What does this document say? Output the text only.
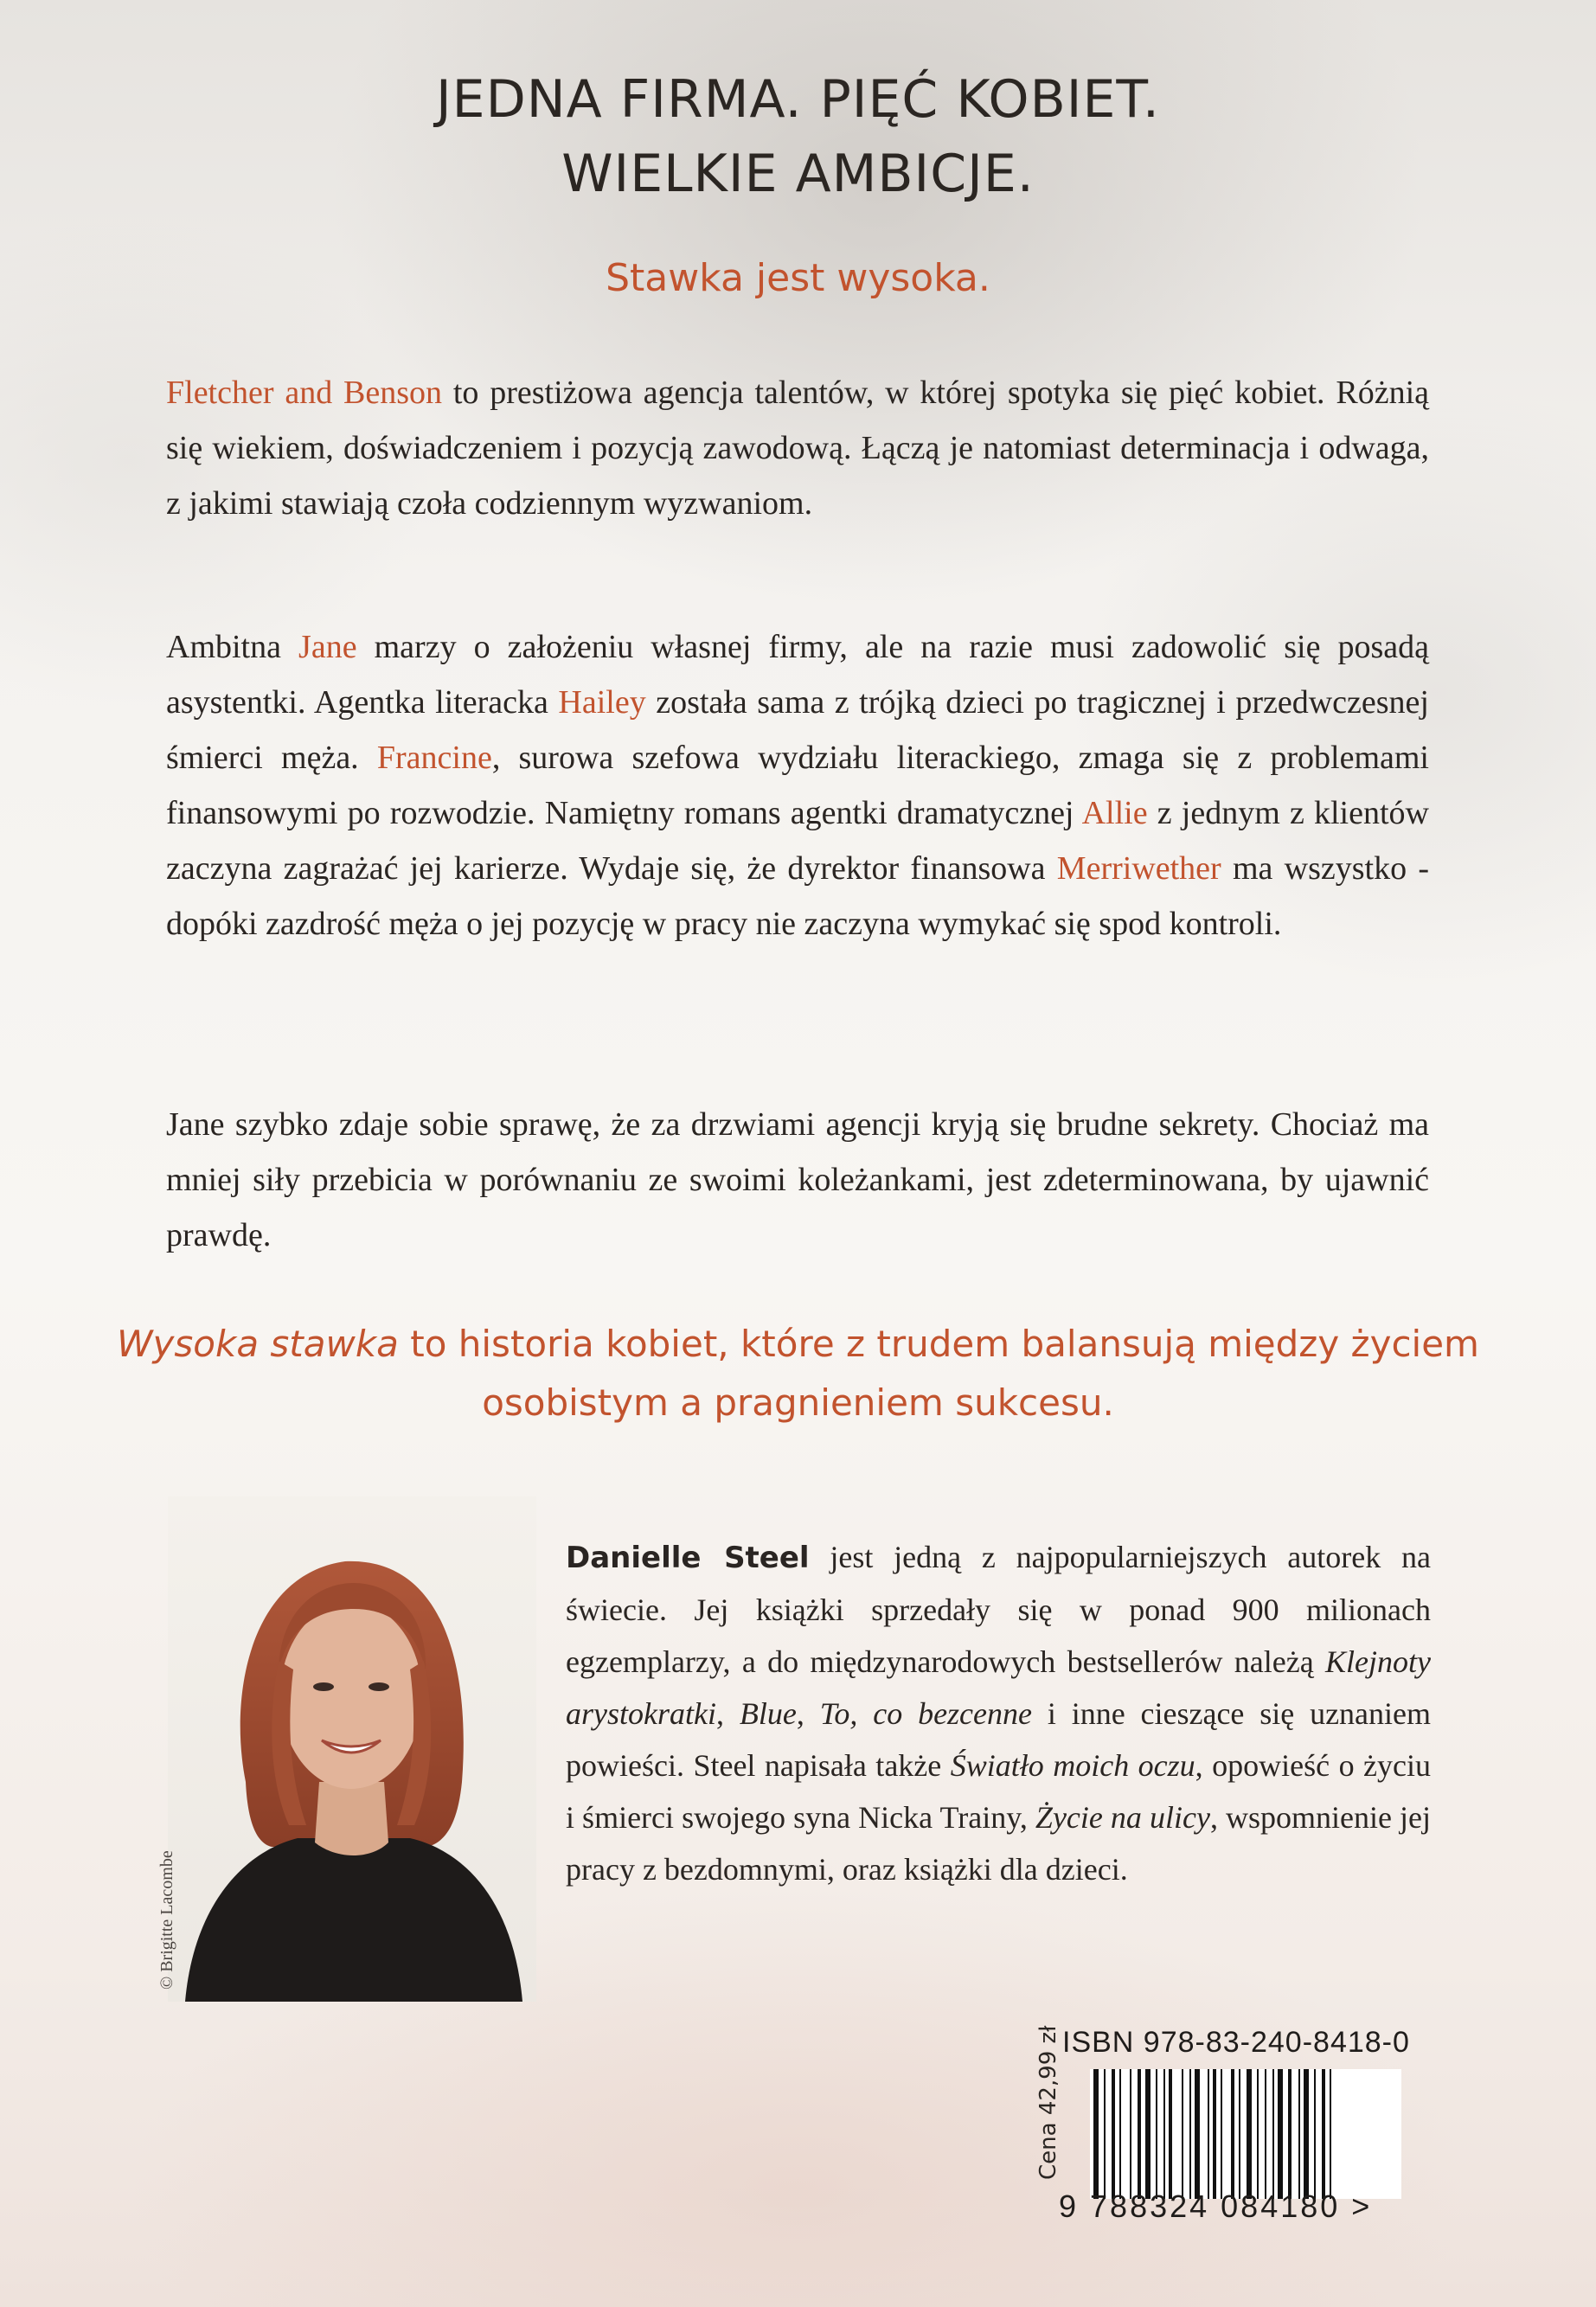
JEDNA FIRMA. PIĘĆ KOBIET.
WIELKIE AMBICJE.
Stawka jest wysoka.
Fletcher and Benson to prestiżowa agencja talentów, w której spotyka się pięć kobiet. Różnią się wiekiem, doświadczeniem i pozycją zawodową. Łączą je natomiast determinacja i odwaga, z jakimi stawiają czoła codziennym wyzwaniom.
Ambitna Jane marzy o założeniu własnej firmy, ale na razie musi zadowolić się posadą asystentki. Agentka literacka Hailey została sama z trójką dzieci po tragicznej i przedwczesnej śmierci męża. Francine, surowa szefowa wydziału literackiego, zmaga się z problemami finansowymi po rozwodzie. Namiętny romans agentki dramatycznej Allie z jednym z klientów zaczyna zagrażać jej karierze. Wydaje się, że dyrektor finansowa Merriwether ma wszystko - dopóki zazdrość męża o jej pozycję w pracy nie zaczyna wymykać się spod kontroli.
Jane szybko zdaje sobie sprawę, że za drzwiami agencji kryją się brudne sekrety. Chociaż ma mniej siły przebicia w porównaniu ze swoimi koleżankami, jest zdeterminowana, by ujawnić prawdę.
Wysoka stawka to historia kobiet, które z trudem balansują między życiem osobistym a pragnieniem sukcesu.
© Brigitte Lacombe
Danielle Steel jest jedną z najpopularniejszych autorek na świecie. Jej książki sprzedały się w ponad 900 milionach egzemplarzy, a do międzynarodowych bestsellerów należą Klejnoty arystokratki, Blue, To, co bezcenne i inne cieszące się uznaniem powieści. Steel napisała także Światło moich oczu, opowieść o życiu i śmierci swojego syna Nicka Trainy, Życie na ulicy, wspomnienie jej pracy z bezdomnymi, oraz książki dla dzieci.
Cena 42,99 zł ISBN 978-83-240-8418-0
9 788324 084180 >
